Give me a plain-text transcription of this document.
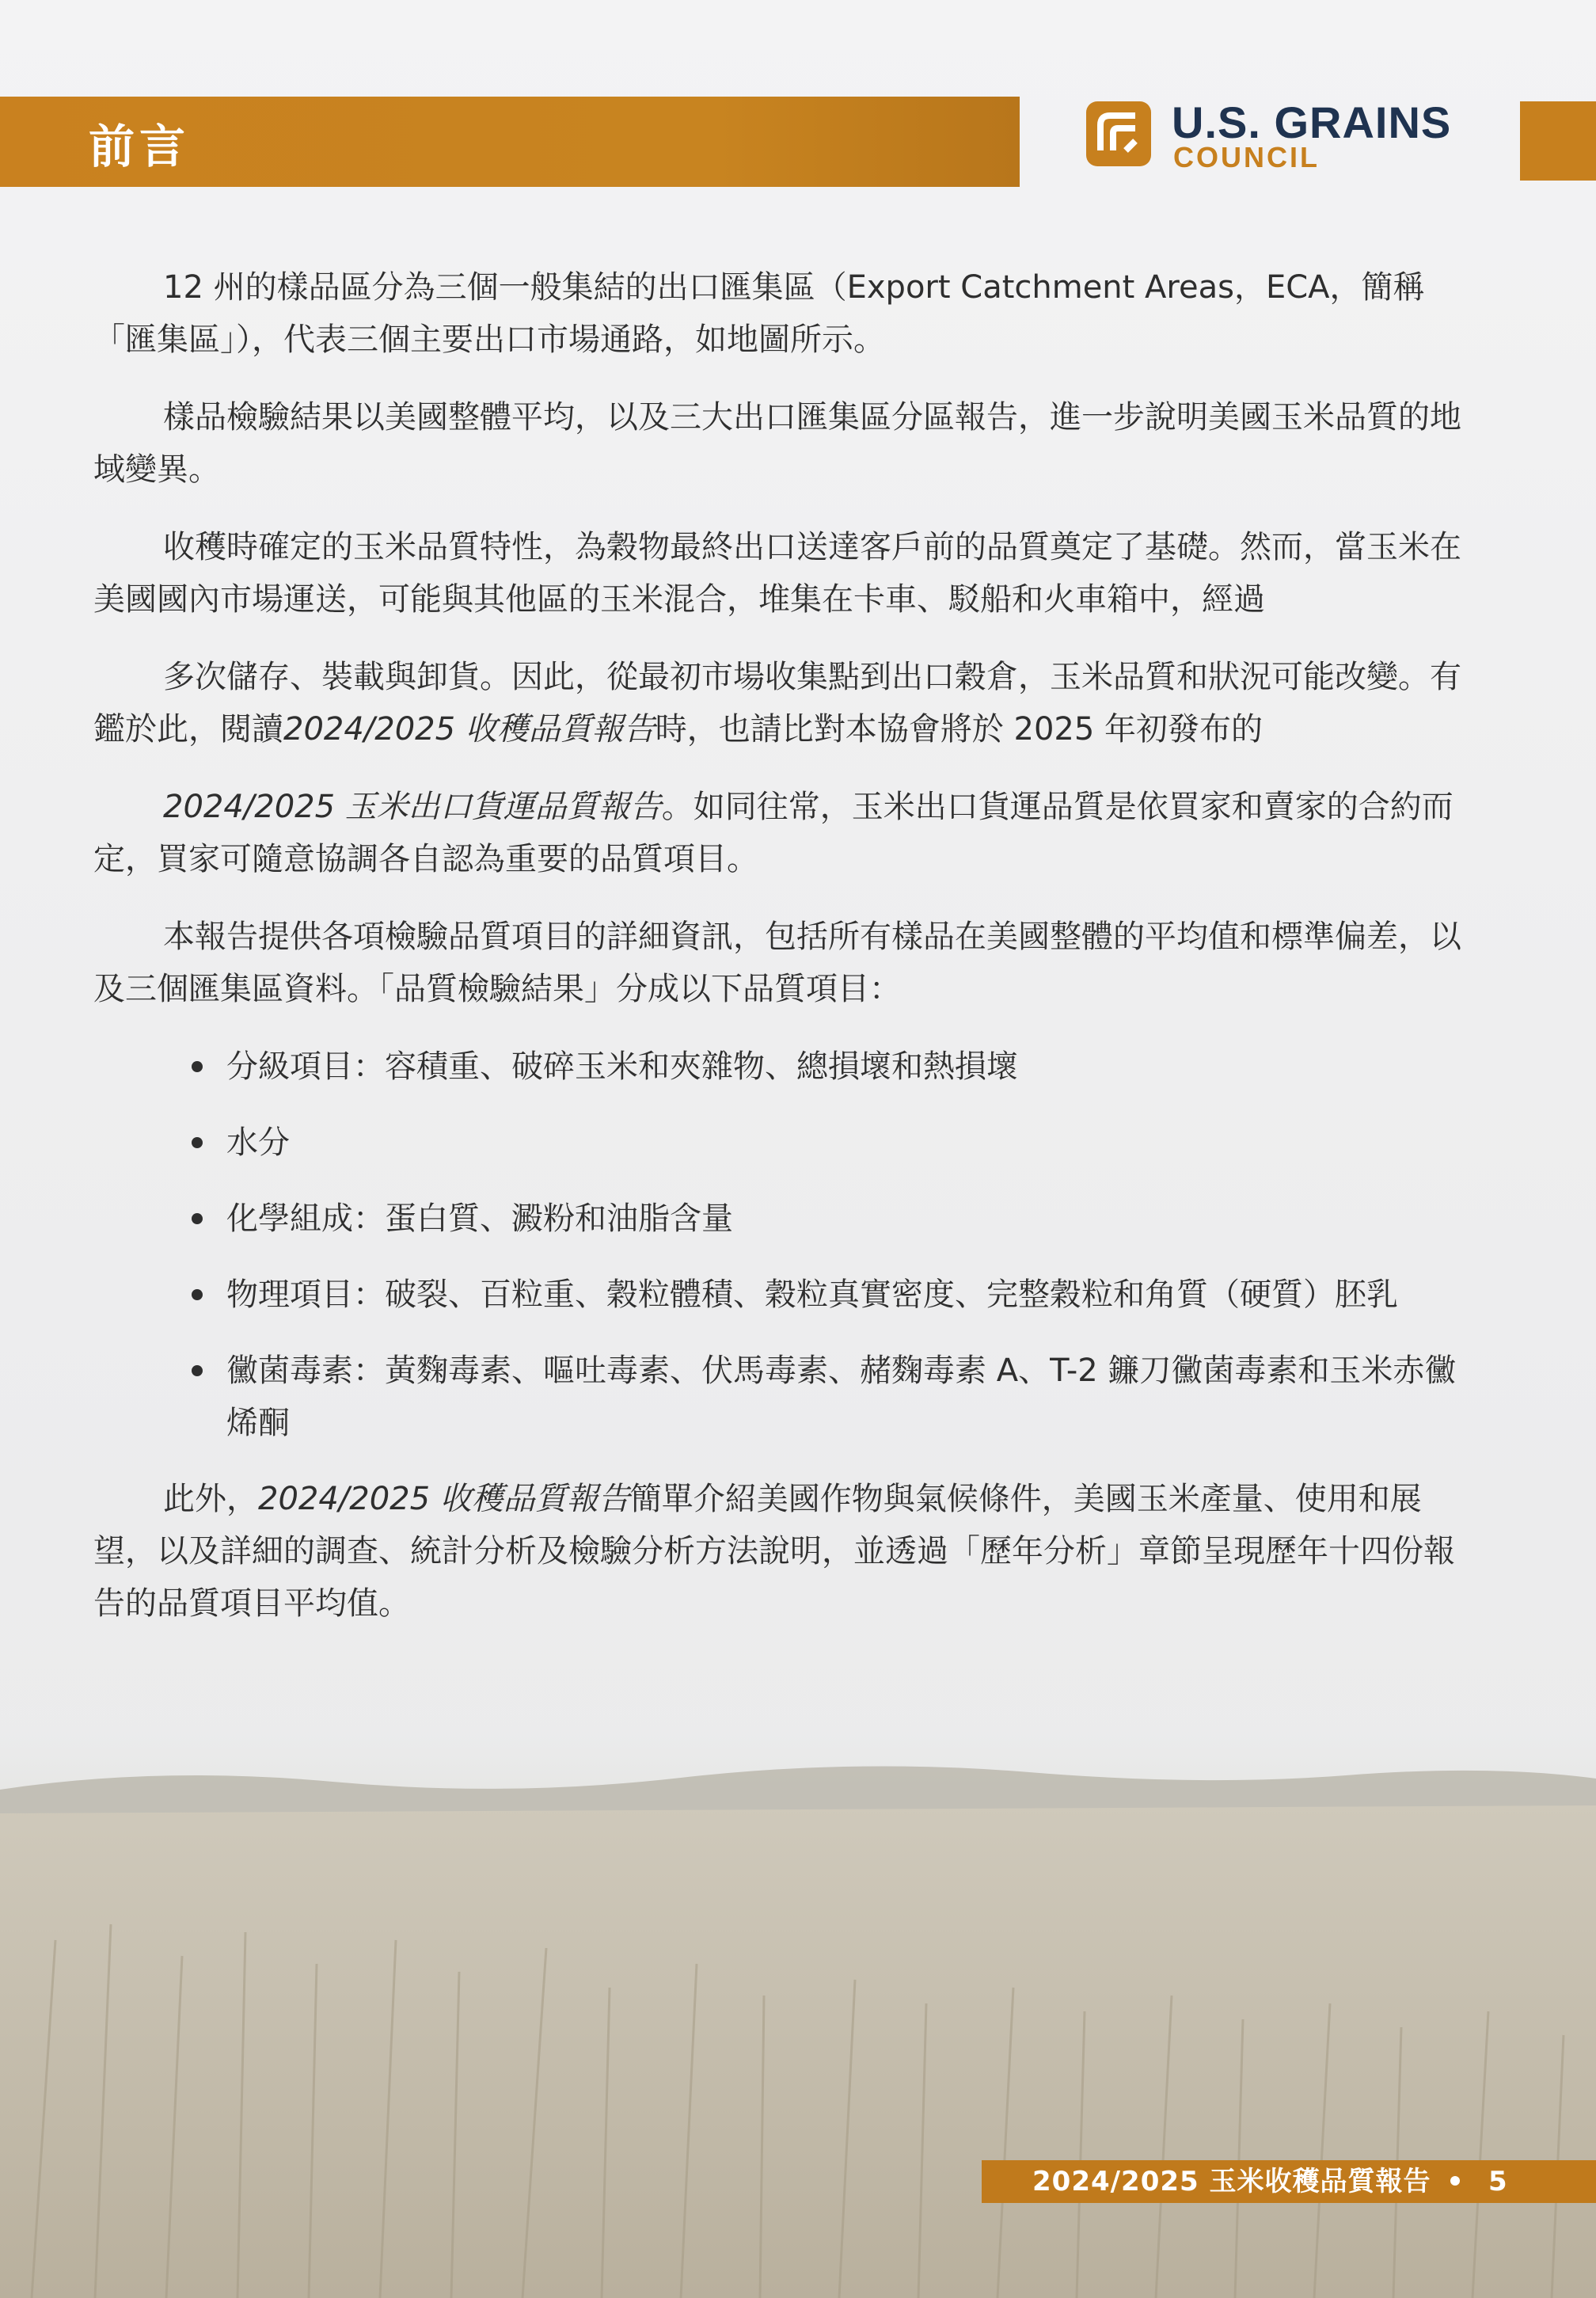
前言	U.S. GRAINS
COUNCIL

12 州的樣品區分為三個一般集結的出口匯集區（Export Catchment Areas，ECA，簡稱「匯集區」），代表三個主要出口市場通路，如地圖所示。

樣品檢驗結果以美國整體平均，以及三大出口匯集區分區報告，進一步說明美國玉米品質的地域變異。

收穫時確定的玉米品質特性，為穀物最終出口送達客戶前的品質奠定了基礎。然而，當玉米在美國國內市場運送，可能與其他區的玉米混合，堆集在卡車、駁船和火車箱中，經過

多次儲存、裝載與卸貨。因此，從最初市場收集點到出口穀倉，玉米品質和狀況可能改變。有鑑於此，閱讀2024/2025 收穫品質報告時，也請比對本協會將於 2025 年初發布的

2024/2025 玉米出口貨運品質報告。如同往常，玉米出口貨運品質是依買家和賣家的合約而定，買家可隨意協調各自認為重要的品質項目。

本報告提供各項檢驗品質項目的詳細資訊，包括所有樣品在美國整體的平均值和標準偏差，以及三個匯集區資料。「品質檢驗結果」分成以下品質項目：

分級項目：容積重、破碎玉米和夾雜物、總損壞和熱損壞
水分
化學組成：蛋白質、澱粉和油脂含量
物理項目：破裂、百粒重、穀粒體積、穀粒真實密度、完整穀粒和角質（硬質）胚乳
黴菌毒素：黃麴毒素、嘔吐毒素、伏馬毒素、赭麴毒素 A、T-2 鐮刀黴菌毒素和玉米赤黴烯酮

此外，2024/2025 收穫品質報告簡單介紹美國作物與氣候條件，美國玉米產量、使用和展望，以及詳細的調查、統計分析及檢驗分析方法說明，並透過「歷年分析」章節呈現歷年十四份報告的品質項目平均值。

2024/2025 玉米收穫品質報告 5
